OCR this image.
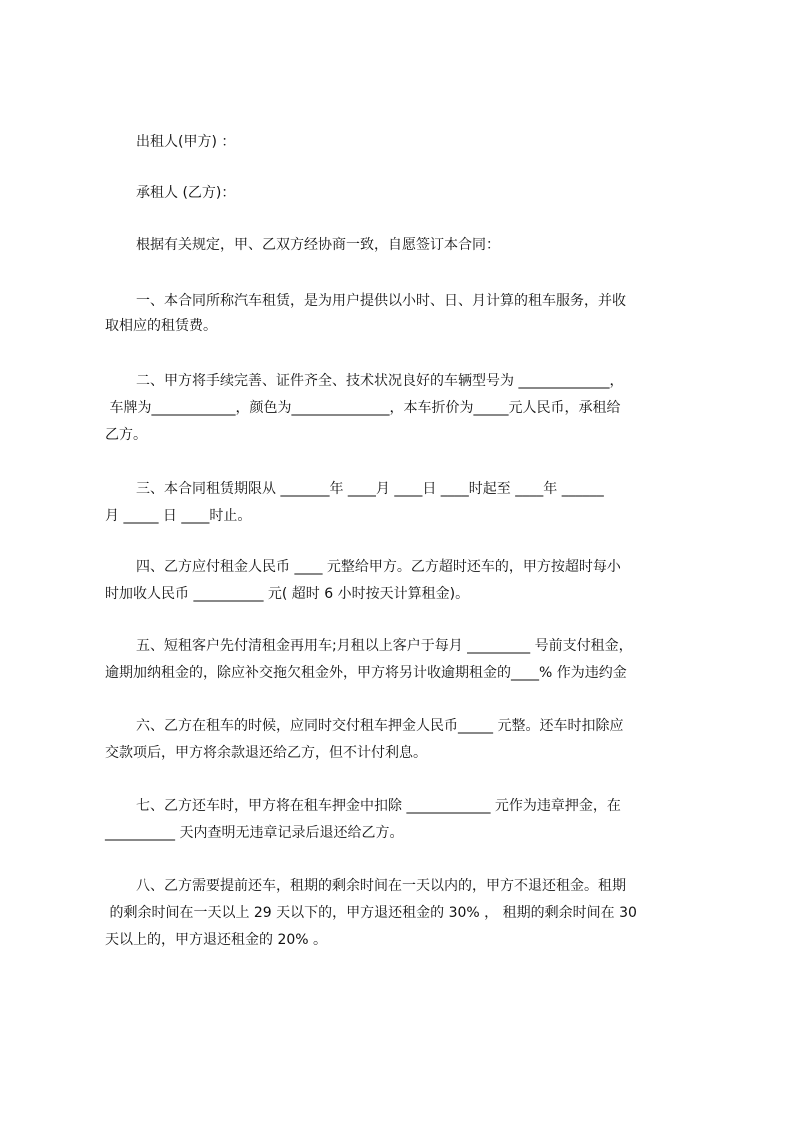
出租人(甲方) ：
承租人 (乙方)：
根据有关规定，甲、乙双方经协商一致，自愿签订本合同：
一、本合同所称汽车租赁，是为用户提供以小时、日、月计算的租车服务，并收
取相应的租赁费。
二、甲方将手续完善、证件齐全、技术状况良好的车辆型号为 _____________，
车牌为____________，颜色为______________，本车折价为_____元人民币，承租给
乙方。
三、本合同租赁期限从 _______年 ____月 ____日 ____时起至 ____年 ______
月 _____ 日 ____时止。
四、乙方应付租金人民币 ____ 元整给甲方。乙方超时还车的，甲方按超时每小
时加收人民币 __________ 元( 超时 6 小时按天计算租金)。
五、短租客户先付清租金再用车;月租以上客户于每月 _________ 号前支付租金，
逾期加纳租金的，除应补交拖欠租金外，甲方将另计收逾期租金的____% 作为违约金
六、乙方在租车的时候，应同时交付租车押金人民币_____ 元整。还车时扣除应
交款项后，甲方将余款退还给乙方，但不计付利息。
七、乙方还车时，甲方将在租车押金中扣除 ____________ 元作为违章押金，在
__________ 天内查明无违章记录后退还给乙方。
八、乙方需要提前还车，租期的剩余时间在一天以内的，甲方不退还租金。租期
的剩余时间在一天以上 29 天以下的，甲方退还租金的 30% ， 租期的剩余时间在 30
天以上的，甲方退还租金的 20% 。
